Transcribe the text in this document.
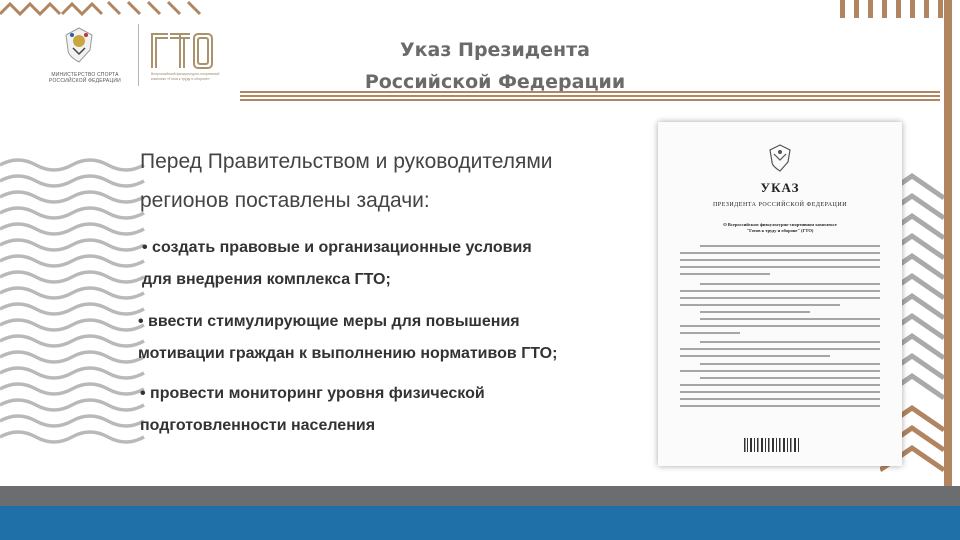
МИНИСТЕРСТВО СПОРТА РОССИЙСКОЙ ФЕДЕРАЦИИ
Всероссийский физкультурно-спортивный комплекс «Готов к труду и обороне»
Указ Президента
Российской Федерации
Перед Правительством и руководителями
регионов поставлены задачи:
• создать правовые и организационные условия
для внедрения комплекса ГТО;
• ввести стимулирующие меры для повышения
мотивации граждан к выполнению нормативов ГТО;
• провести мониторинг уровня физической
подготовленности населения
УКАЗ
ПРЕЗИДЕНТА РОССИЙСКОЙ ФЕДЕРАЦИИ
О Всероссийском физкультурно-спортивном комплексе
"Готов к труду и обороне" (ГТО)
